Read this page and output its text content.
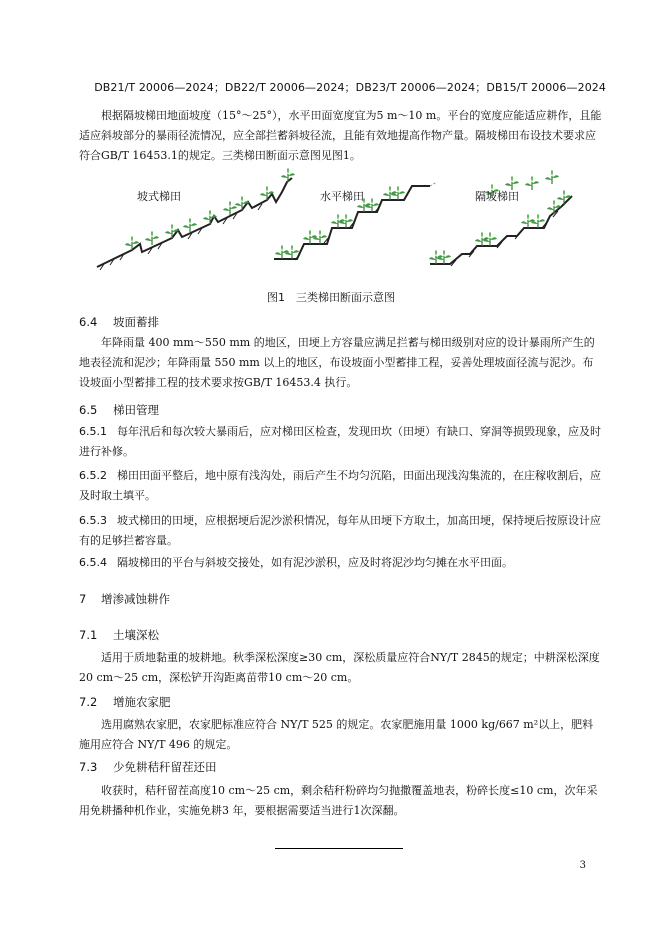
DB21/T 20006—2024；DB22/T 20006—2024；DB23/T 20006—2024；DB15/T 20006—2024
根据隔坡梯田地面坡度（15°～25°），水平田面宽度宜为5 m～10 m。平台的宽度应能适应耕作，且能适应斜坡部分的暴雨径流情况，应全部拦蓄斜坡径流，且能有效地提高作物产量。隔坡梯田布设技术要求应符合GB/T 16453.1的规定。三类梯田断面示意图见图1。
坡式梯田	水平梯田	隔坡梯田
图1　三类梯田断面示意图
6.4 坡面蓄排
年降雨量 400 mm～550 mm 的地区，田埂上方容量应满足拦蓄与梯田级别对应的设计暴雨所产生的地表径流和泥沙；年降雨量 550 mm 以上的地区，布设坡面小型蓄排工程，妥善处理坡面径流与泥沙。布设坡面小型蓄排工程的技术要求按GB/T 16453.4 执行。
6.5 梯田管理
6.5.1 每年汛后和每次较大暴雨后，应对梯田区检查，发现田坎（田埂）有缺口、穿洞等损毁现象，应及时进行补修。
6.5.2 梯田田面平整后，地中原有浅沟处，雨后产生不均匀沉陷，田面出现浅沟集流的，在庄稼收割后，应及时取土填平。
6.5.3 坡式梯田的田埂，应根据埂后泥沙淤积情况，每年从田埂下方取土，加高田埂，保持埂后按原设计应有的足够拦蓄容量。
6.5.4 隔坡梯田的平台与斜坡交接处，如有泥沙淤积，应及时将泥沙均匀摊在水平田面。
7 增渗减蚀耕作
7.1 土壤深松
适用于质地黏重的坡耕地。秋季深松深度≥30 cm，深松质量应符合NY/T 2845的规定；中耕深松深度20 cm～25 cm，深松铲开沟距离苗带10 cm～20 cm。
7.2 增施农家肥
选用腐熟农家肥，农家肥标准应符合 NY/T 525 的规定。农家肥施用量 1000 kg/667 m²以上，肥料施用应符合 NY/T 496 的规定。
7.3 少免耕秸秆留茬还田
收获时，秸秆留茬高度10 cm～25 cm，剩余秸秆粉碎均匀抛撒覆盖地表，粉碎长度≤10 cm，次年采用免耕播种机作业，实施免耕3 年，要根据需要适当进行1次深翻。
3
